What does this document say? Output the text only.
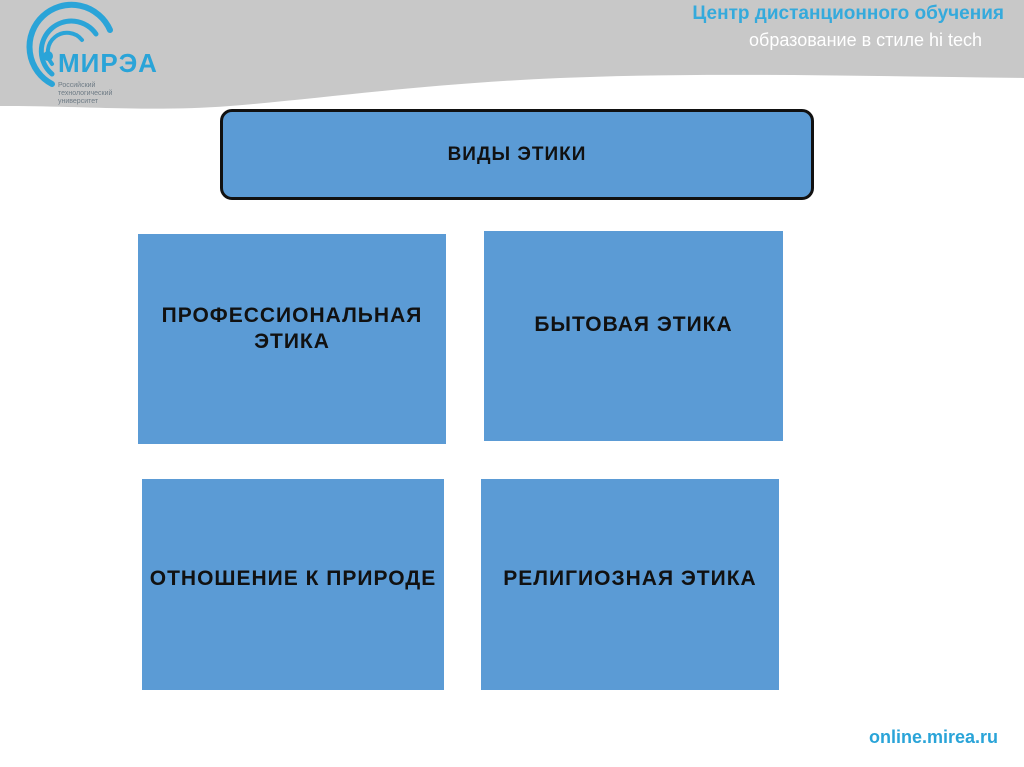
МИРЭА
Российский технологический университет
Центр дистанционного обучения
образование в стиле hi tech
ВИДЫ ЭТИКИ
ПРОФЕССИОНАЛЬНАЯ ЭТИКА
БЫТОВАЯ ЭТИКА
ОТНОШЕНИЕ К ПРИРОДЕ	РЕЛИГИОЗНАЯ ЭТИКА
online.mirea.ru
